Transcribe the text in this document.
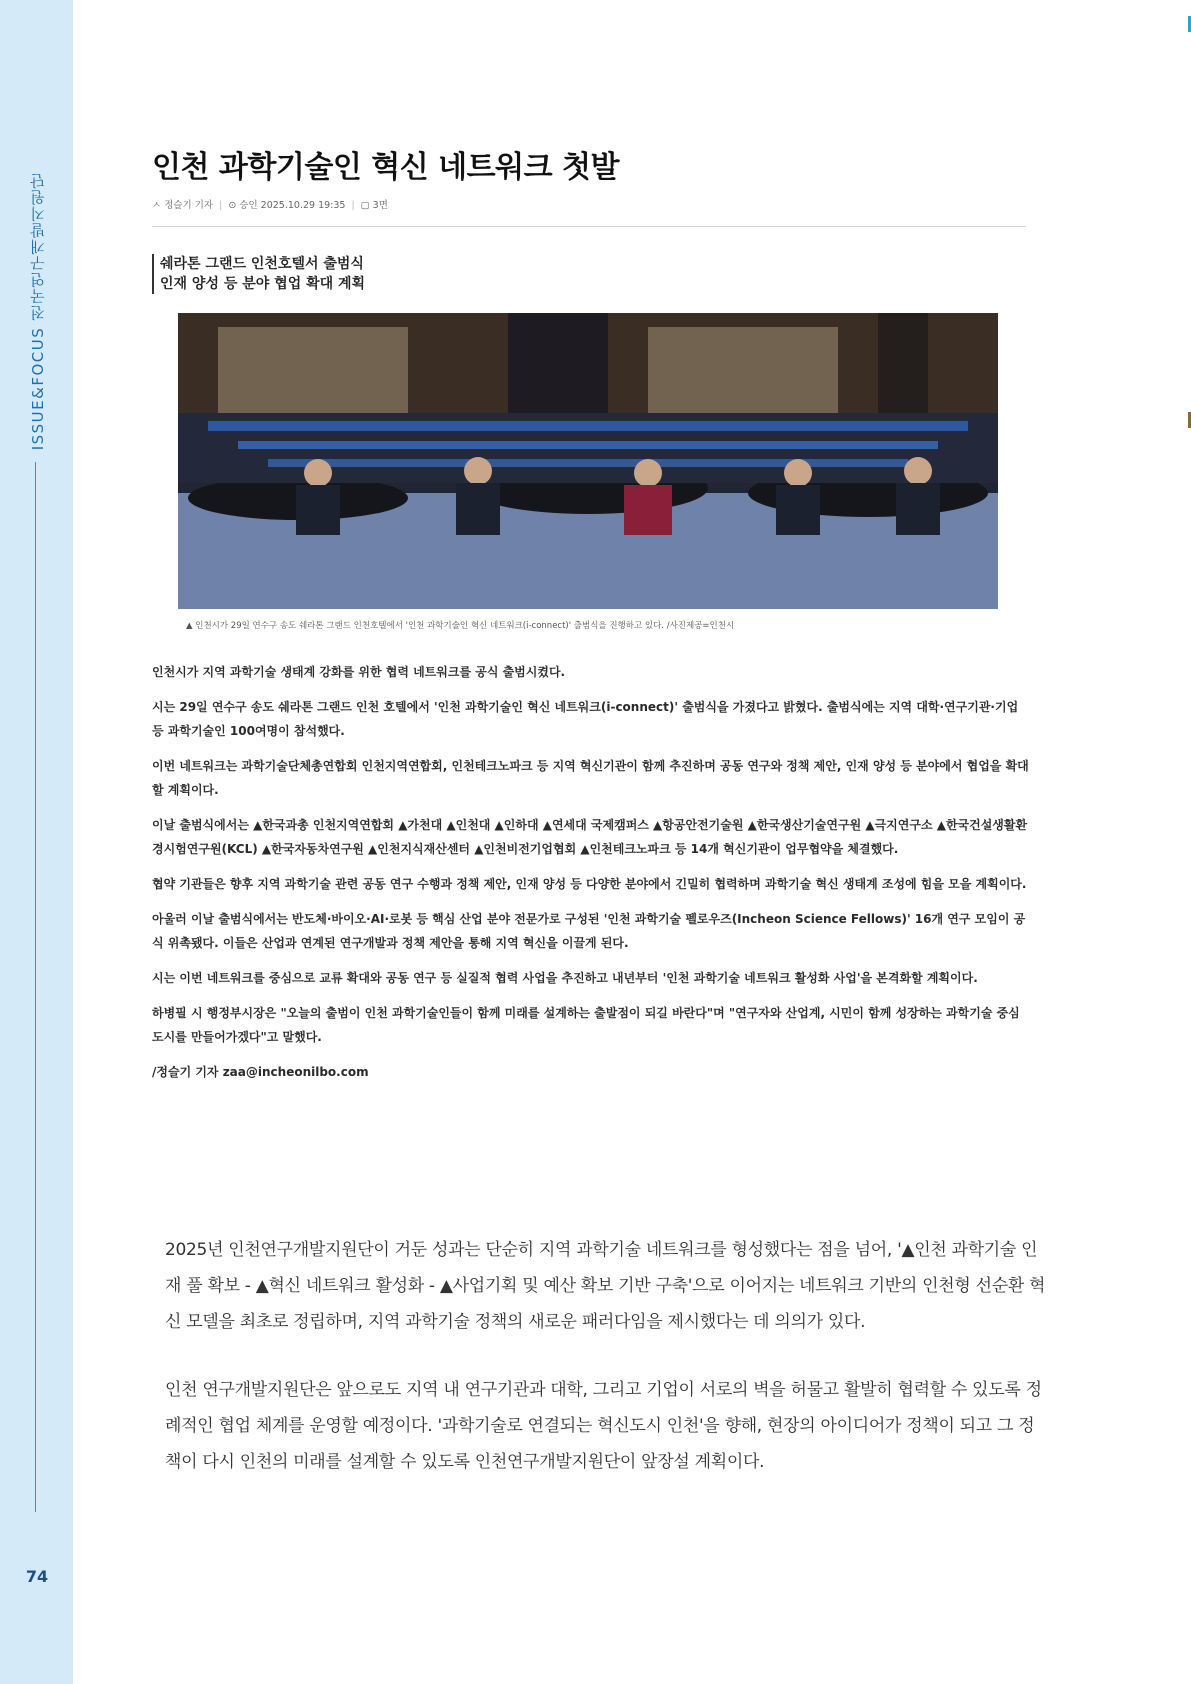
ISSUE&FOCUS 전국연구개발지원단
74
인천 과학기술인 혁신 네트워크 첫발
ㅅ 정슬기 기자 | ⊙ 승인 2025.10.29 19:35 | ▢ 3면
쉐라톤 그랜드 인천호텔서 출범식
인재 양성 등 분야 협업 확대 계획
▲ 인천시가 29일 연수구 송도 쉐라톤 그랜드 인천호텔에서 '인천 과학기술인 혁신 네트워크(i-connect)' 출범식을 진행하고 있다. /사진제공=인천시

인천시가 지역 과학기술 생태계 강화를 위한 협력 네트워크를 공식 출범시켰다.

시는 29일 연수구 송도 쉐라톤 그랜드 인천 호텔에서 '인천 과학기술인 혁신 네트워크(i-connect)' 출범식을 가졌다고 밝혔다. 출범식에는 지역 대학·연구기관·기업 등 과학기술인 100여명이 참석했다.

이번 네트워크는 과학기술단체총연합회 인천지역연합회, 인천테크노파크 등 지역 혁신기관이 함께 추진하며 공동 연구와 정책 제안, 인재 양성 등 분야에서 협업을 확대할 계획이다.

이날 출범식에서는 ▲한국과총 인천지역연합회 ▲가천대 ▲인천대 ▲인하대 ▲연세대 국제캠퍼스 ▲항공안전기술원 ▲한국생산기술연구원 ▲극지연구소 ▲한국건설생활환경시험연구원(KCL) ▲한국자동차연구원 ▲인천지식재산센터 ▲인천비전기업협회 ▲인천테크노파크 등 14개 혁신기관이 업무협약을 체결했다.

협약 기관들은 향후 지역 과학기술 관련 공동 연구 수행과 정책 제안, 인재 양성 등 다양한 분야에서 긴밀히 협력하며 과학기술 혁신 생태계 조성에 힘을 모을 계획이다.

아울러 이날 출범식에서는 반도체·바이오·AI·로봇 등 핵심 산업 분야 전문가로 구성된 '인천 과학기술 펠로우즈(Incheon Science Fellows)' 16개 연구 모임이 공식 위촉됐다. 이들은 산업과 연계된 연구개발과 정책 제안을 통해 지역 혁신을 이끌게 된다.

시는 이번 네트워크를 중심으로 교류 확대와 공동 연구 등 실질적 협력 사업을 추진하고 내년부터 '인천 과학기술 네트워크 활성화 사업'을 본격화할 계획이다.

하병필 시 행정부시장은 "오늘의 출범이 인천 과학기술인들이 함께 미래를 설계하는 출발점이 되길 바란다"며 "연구자와 산업계, 시민이 함께 성장하는 과학기술 중심 도시를 만들어가겠다"고 말했다.

/정슬기 기자 zaa@incheonilbo.com

2025년 인천연구개발지원단이 거둔 성과는 단순히 지역 과학기술 네트워크를 형성했다는 점을 넘어, '▲인천 과학기술 인재 풀 확보 - ▲혁신 네트워크 활성화 - ▲사업기획 및 예산 확보 기반 구축'으로 이어지는 네트워크 기반의 인천형 선순환 혁신 모델을 최초로 정립하며, 지역 과학기술 정책의 새로운 패러다임을 제시했다는 데 의의가 있다.

인천 연구개발지원단은 앞으로도 지역 내 연구기관과 대학, 그리고 기업이 서로의 벽을 허물고 활발히 협력할 수 있도록 정례적인 협업 체계를 운영할 예정이다. '과학기술로 연결되는 혁신도시 인천'을 향해, 현장의 아이디어가 정책이 되고 그 정책이 다시 인천의 미래를 설계할 수 있도록 인천연구개발지원단이 앞장설 계획이다.
